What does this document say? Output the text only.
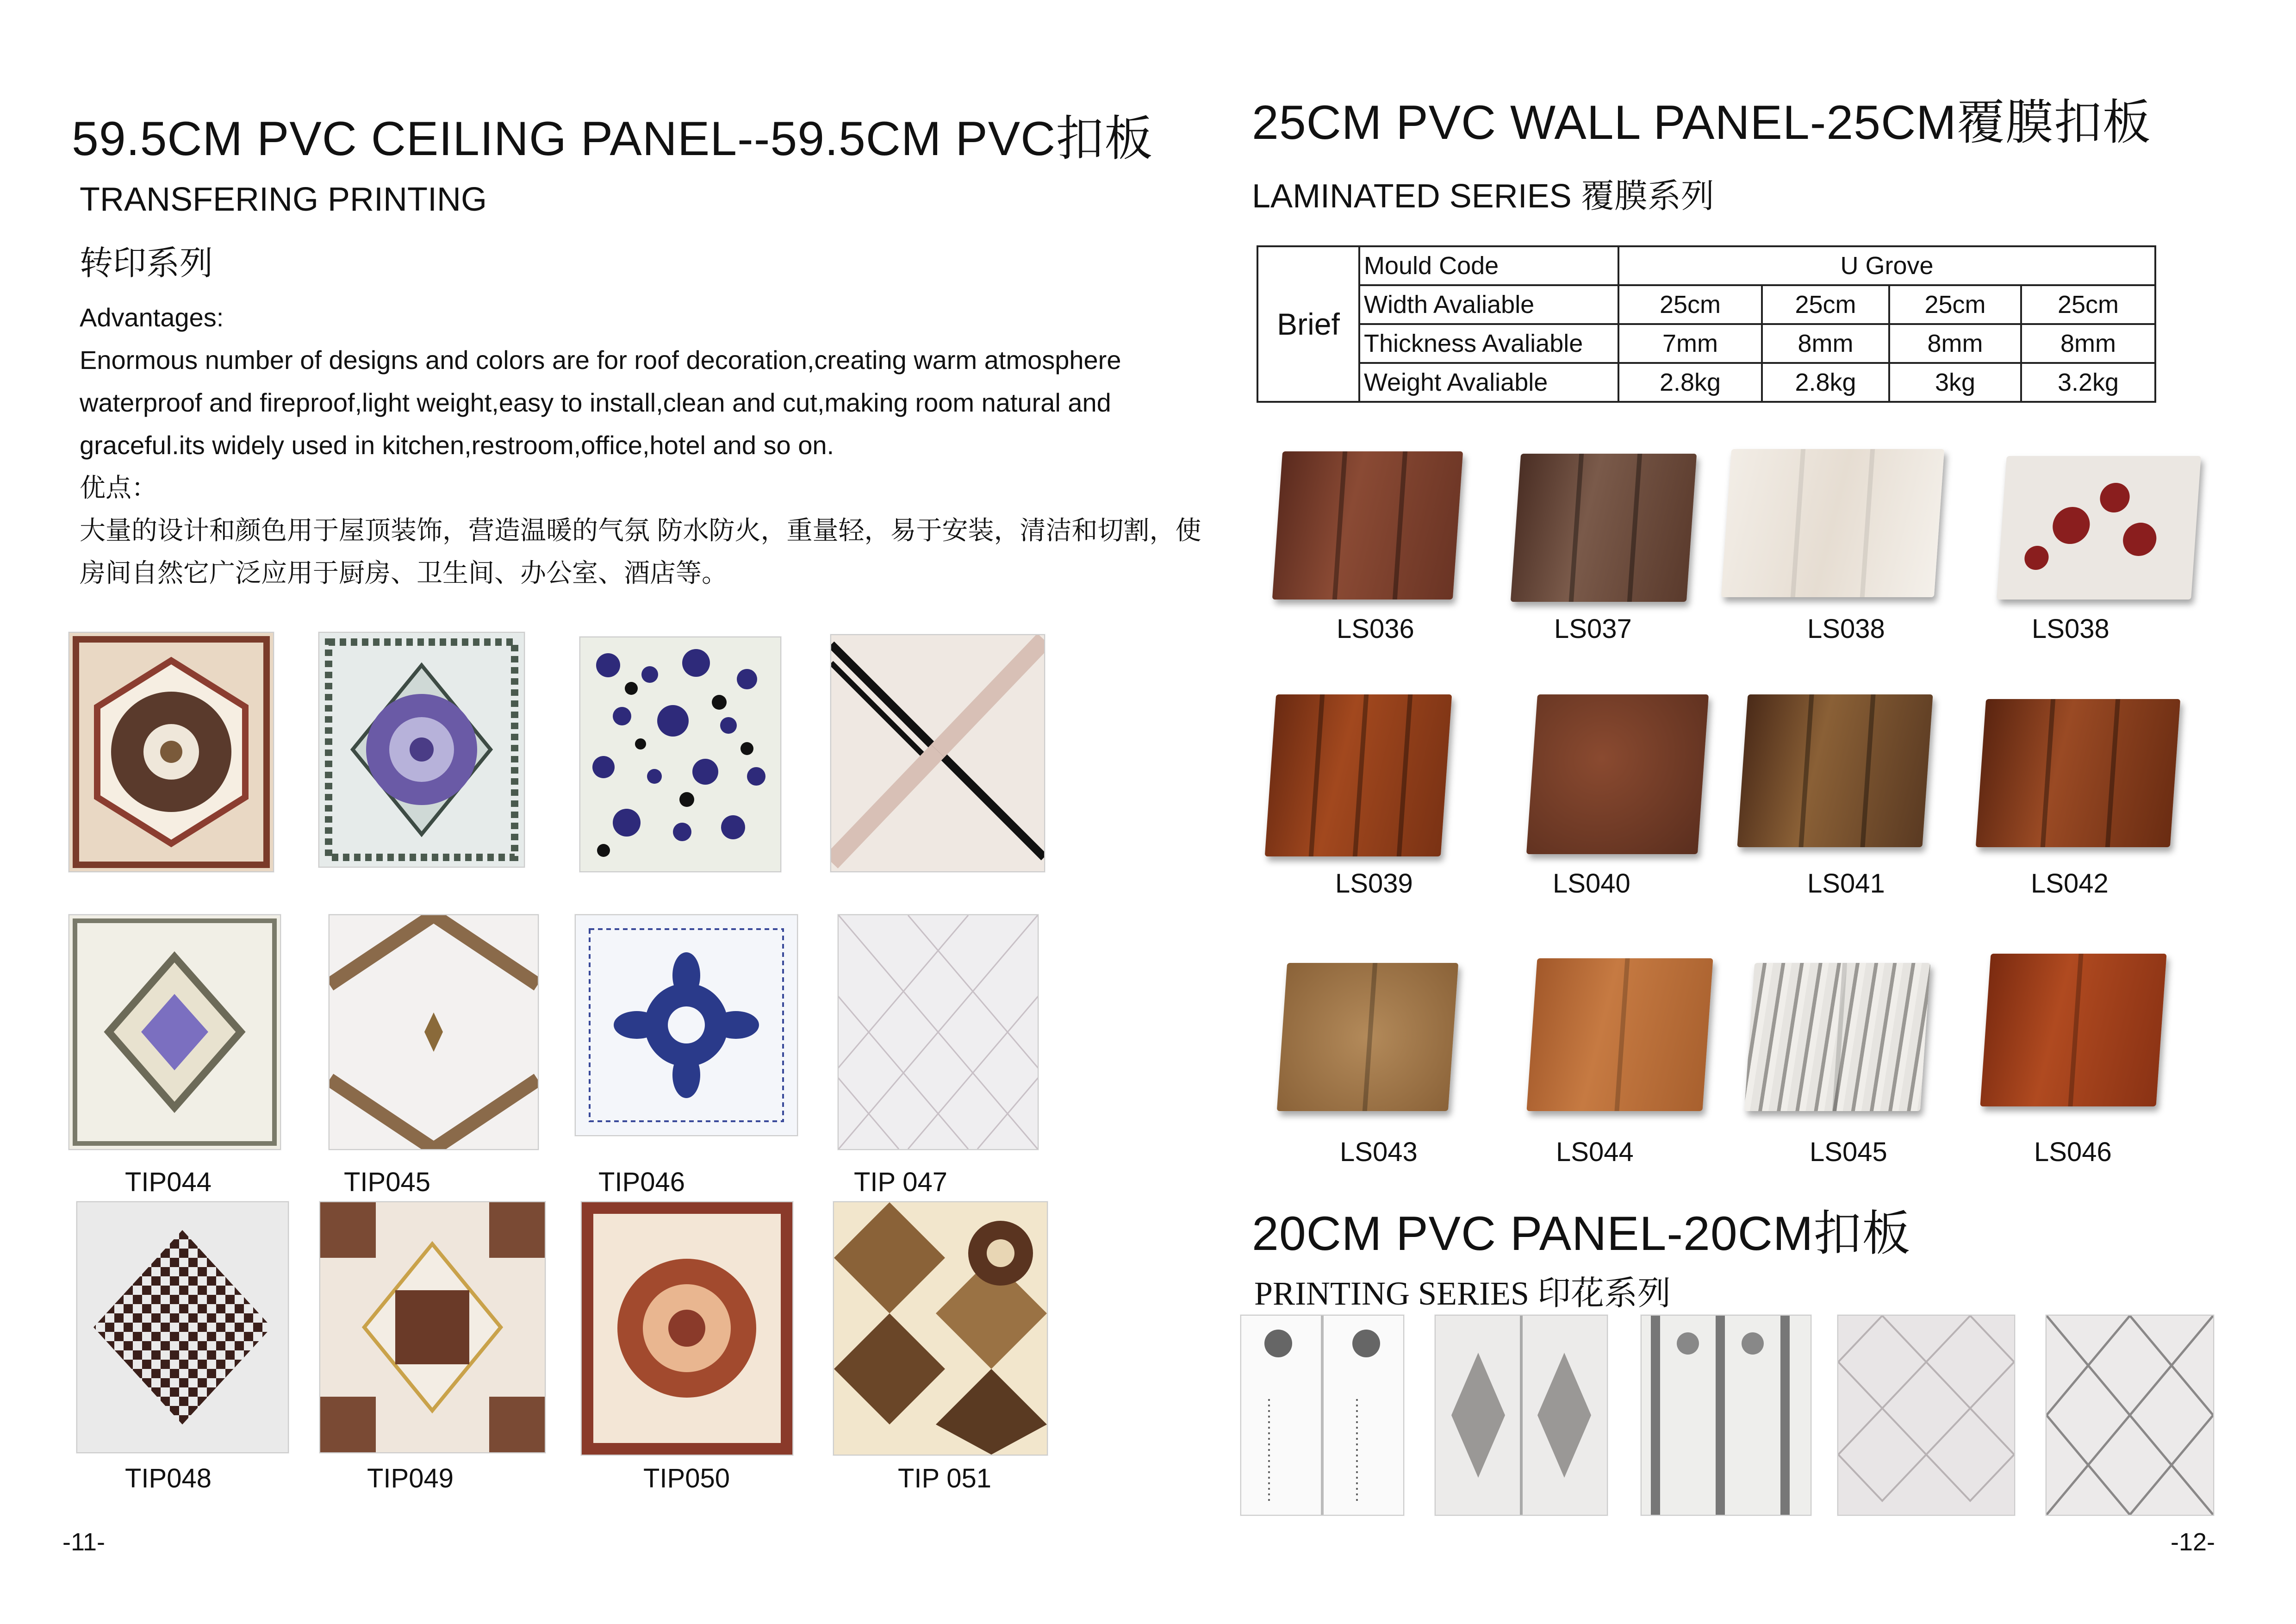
59.5CM PVC CEILING PANEL--59.5CM PVC扣板
TRANSFERING PRINTING
转印系列
Advantages:
Enormous number of designs and colors are for roof decoration,creating warm atmosphere
waterproof and fireproof,light weight,easy to install,clean and cut,making room natural and
graceful.its widely used in kitchen,restroom,office,hotel and so on.
优点：
大量的设计和颜色用于屋顶装饰，营造温暖的气氛 防水防火，重量轻，易于安装，清洁和切割，使
房间自然它广泛应用于厨房、卫生间、办公室、酒店等。
TIP044	TIP045	TIP046	TIP 047
TIP048	TIP049	TIP050	TIP 051
-11-
25CM PVC WALL PANEL-25CM覆膜扣板
LAMINATED SERIES 覆膜系列
Brief	Mould Code	U Grove			
	Width Avaliable	25cm	25cm	25cm	25cm
	Thickness Avaliable	7mm	8mm	8mm	8mm
	Weight Avaliable	2.8kg	2.8kg	3kg	3.2kg
LS036	LS037	LS038	LS038
LS039	LS040	LS041	LS042
LS043	LS044	LS045	LS046
20CM PVC PANEL-20CM扣板
PRINTING SERIES 印花系列
-12-
